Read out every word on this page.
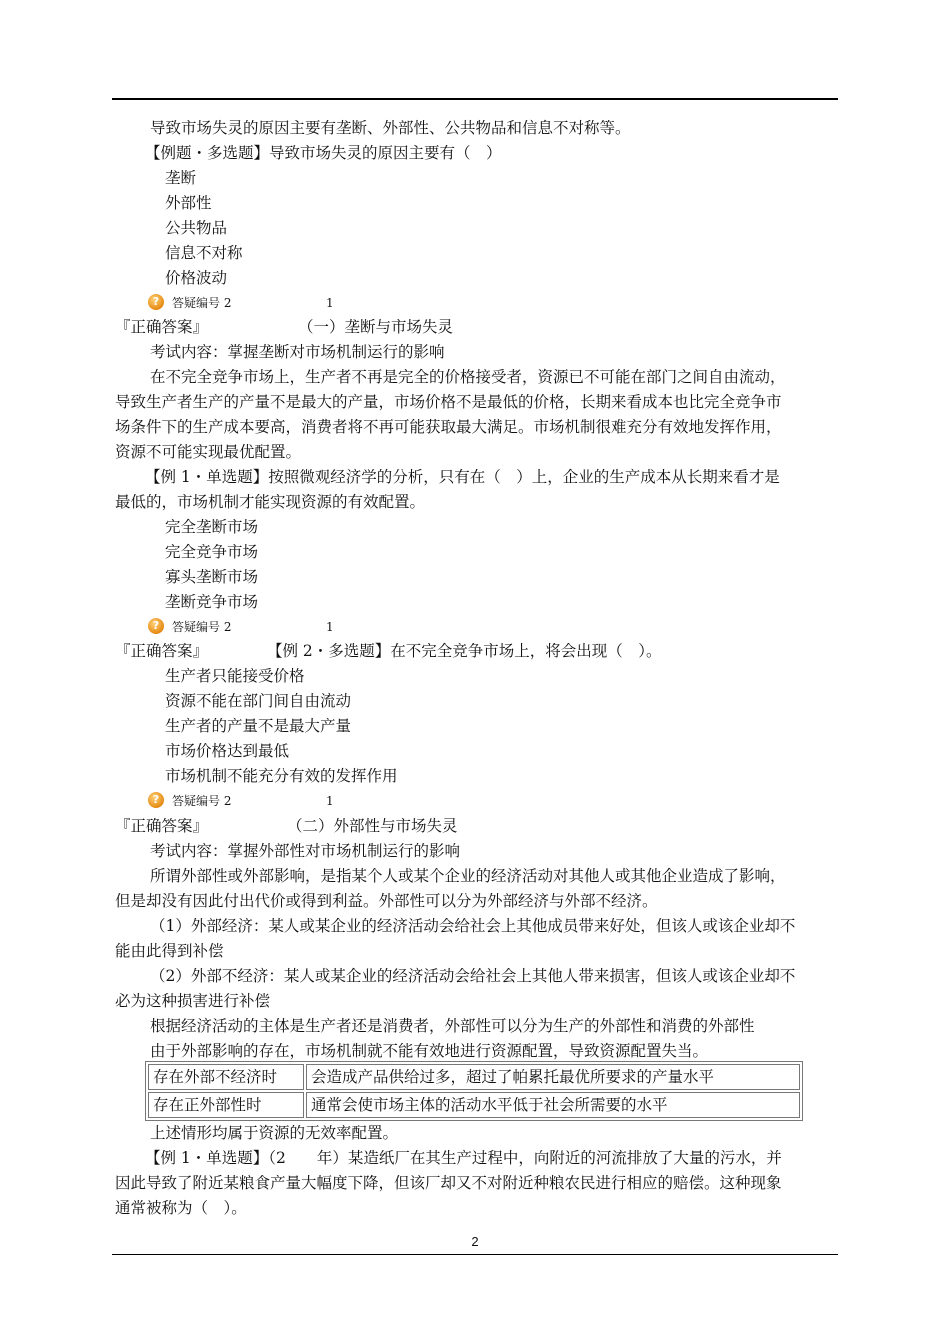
导致市场失灵的原因主要有垄断、外部性、公共物品和信息不对称等。
【例题・多选题】导致市场失灵的原因主要有（　）
垄断
外部性
公共物品
信息不对称
价格波动
?	答疑编号 2	1
『正确答案』	（一）垄断与市场失灵
考试内容：掌握垄断对市场机制运行的影响
在不完全竞争市场上，生产者不再是完全的价格接受者，资源已不可能在部门之间自由流动，
导致生产者生产的产量不是最大的产量，市场价格不是最低的价格，长期来看成本也比完全竞争市
场条件下的生产成本要高，消费者将不再可能获取最大满足。市场机制很难充分有效地发挥作用，
资源不可能实现最优配置。
【例 1・单选题】按照微观经济学的分析，只有在（　）上，企业的生产成本从长期来看才是
最低的，市场机制才能实现资源的有效配置。
完全垄断市场
完全竞争市场
寡头垄断市场
垄断竞争市场
?	答疑编号 2	1
『正确答案』	【例 2・多选题】在不完全竞争市场上，将会出现（　）。
生产者只能接受价格
资源不能在部门间自由流动
生产者的产量不是最大产量
市场价格达到最低
市场机制不能充分有效的发挥作用
?	答疑编号 2	1
『正确答案』	（二）外部性与市场失灵
考试内容：掌握外部性对市场机制运行的影响
所谓外部性或外部影响，是指某个人或某个企业的经济活动对其他人或其他企业造成了影响，
但是却没有因此付出代价或得到利益。外部性可以分为外部经济与外部不经济。
（1）外部经济：某人或某企业的经济活动会给社会上其他成员带来好处，但该人或该企业却不
能由此得到补偿
（2）外部不经济：某人或某企业的经济活动会给社会上其他人带来损害，但该人或该企业却不
必为这种损害进行补偿
根据经济活动的主体是生产者还是消费者，外部性可以分为生产的外部性和消费的外部性
由于外部影响的存在，市场机制就不能有效地进行资源配置，导致资源配置失当。
存在外部不经济时	会造成产品供给过多，超过了帕累托最优所要求的产量水平
存在正外部性时	通常会使市场主体的活动水平低于社会所需要的水平
上述情形均属于资源的无效率配置。
【例 1・单选题】（2　　年）某造纸厂在其生产过程中，向附近的河流排放了大量的污水，并
因此导致了附近某粮食产量大幅度下降，但该厂却又不对附近种粮农民进行相应的赔偿。这种现象
通常被称为（　）。
2
